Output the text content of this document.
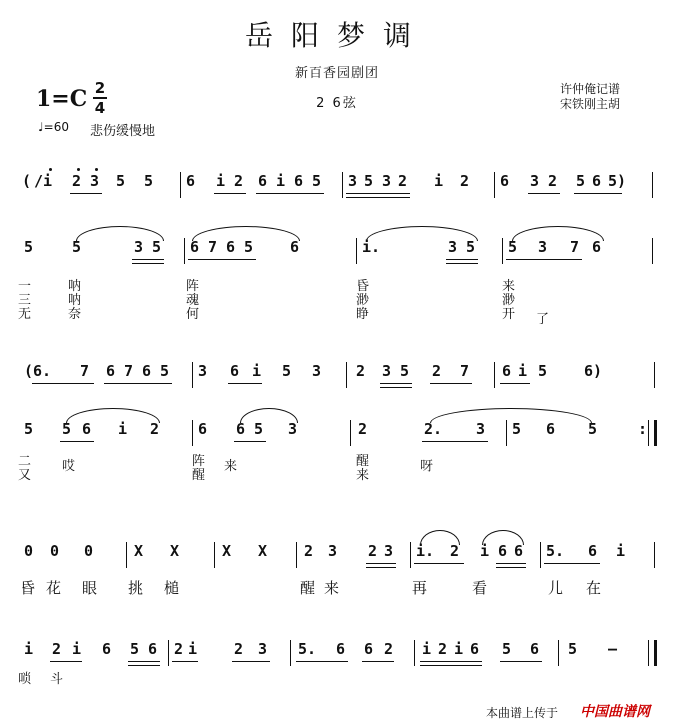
岳阳梦调
新百香园剧团
2 6弦
1=C 2
4
许仲俺记谱
宋铁刚主胡
♩=60 悲伤缓慢地
( /i 2 3 5 5 6 i 2 6 i 6 5 3 5 3 2 i 2 6 3 2 5 6 5)
5	5	3 5 6 7 6 5 6	i.	3 5 5 3 7 6
一
三
无
呐
呐
奈
阵
魂
何
昏
渺
睁
来
渺
开 了
(6. 7 6 7 6 5 3 6 i 5 3 2 3 5 2 7 6 i 5 6)
5 5 6 i 2	6 6 5 3	2	2. 3 5 6 5	:
二
又
哎	阵
醒
来	醒
来
呀
0 0 0	X X	X X 2 3 2 3 i. 2 i 6 6 5. 6 i
昏 花 眼 挑 槌	醒 来	再	看	儿 在
i 2 i 6 5 6 2 i 2 3 5. 6 6 2 i 2 i 6 5 6 5 –
唢 斗
本曲谱上传于 中国曲谱网
